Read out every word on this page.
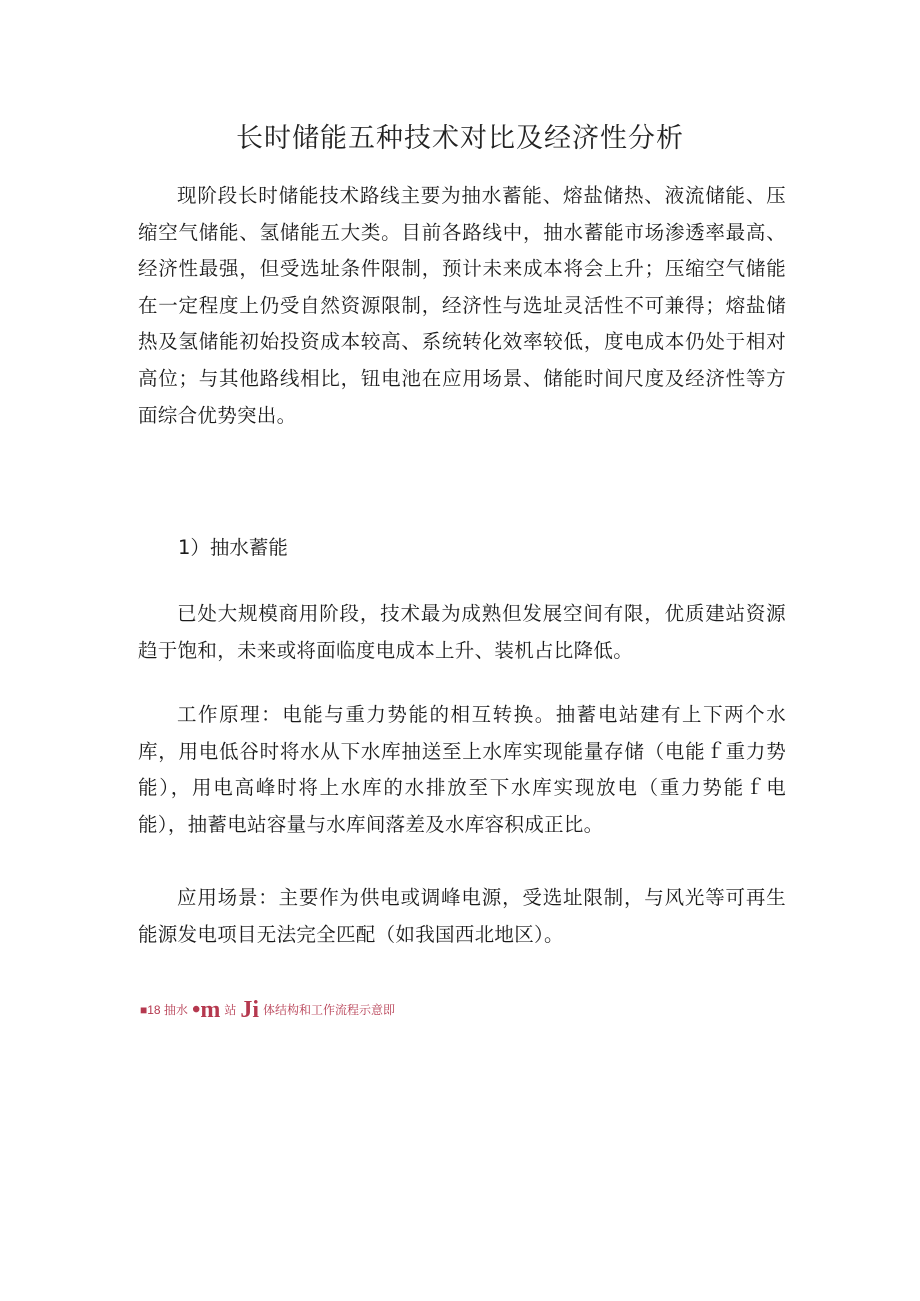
长时储能五种技术对比及经济性分析

现阶段长时储能技术路线主要为抽水蓄能、熔盐储热、液流储能、压缩空气储能、氢储能五大类。目前各路线中，抽水蓄能市场渗透率最高、经济性最强，但受选址条件限制，预计未来成本将会上升；压缩空气储能在一定程度上仍受自然资源限制，经济性与选址灵活性不可兼得；熔盐储热及氢储能初始投资成本较高、系统转化效率较低，度电成本仍处于相对高位；与其他路线相比，钮电池在应用场景、储能时间尺度及经济性等方面综合优势突出。

1）抽水蓄能

已处大规模商用阶段，技术最为成熟但发展空间有限，优质建站资源趋于饱和，未来或将面临度电成本上升、装机占比降低。

工作原理：电能与重力势能的相互转换。抽蓄电站建有上下两个水库，用电低谷时将水从下水库抽送至上水库实现能量存储（电能ｆ重力势能），用电高峰时将上水库的水排放至下水库实现放电（重力势能ｆ电能），抽蓄电站容量与水库间落差及水库容积成正比。

应用场景：主要作为供电或调峰电源，受选址限制，与风光等可再生能源发电项目无法完全匹配（如我国西北地区）。

■18 抽水 •m 站 Ji 体结构和工作流程示意即
